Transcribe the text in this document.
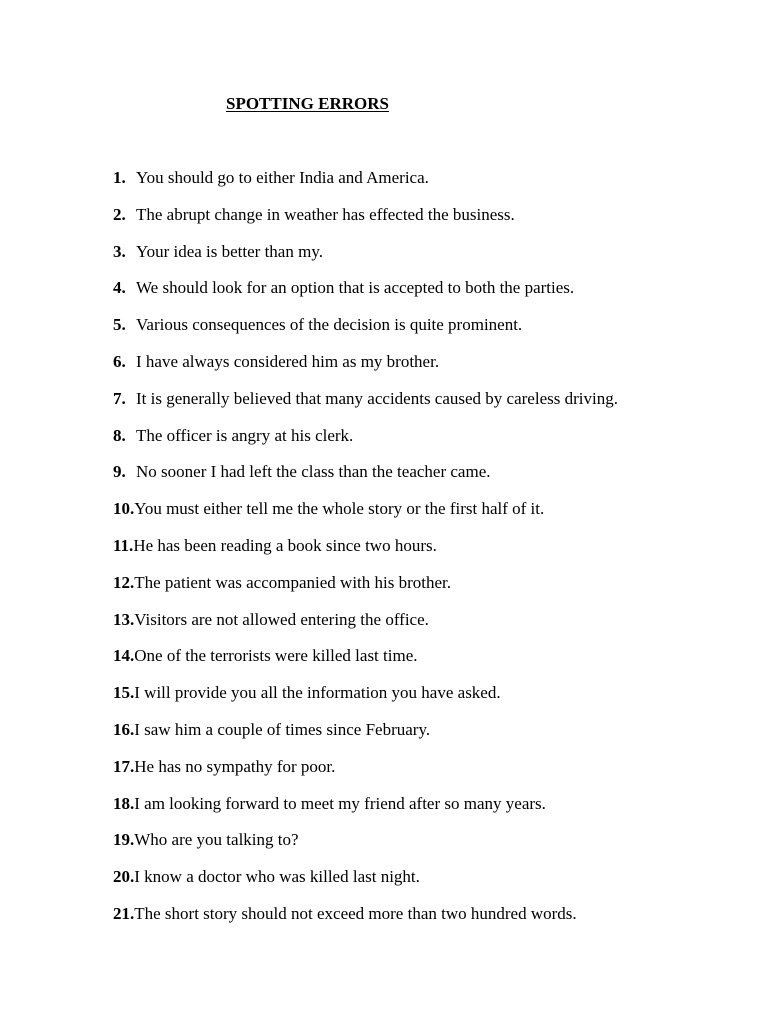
SPOTTING ERRORS
1. You should go to either India and America.
2. The abrupt change in weather has effected the business.
3. Your idea is better than my.
4. We should look for an option that is accepted to both the parties.
5. Various consequences of the decision is quite prominent.
6. I have always considered him as my brother.
7. It is generally believed that many accidents caused by careless driving.
8. The officer is angry at his clerk.
9. No sooner I had left the class than the teacher came.
10. You must either tell me the whole story or the first half of it.
11. He has been reading a book since two hours.
12. The patient was accompanied with his brother.
13. Visitors are not allowed entering the office.
14. One of the terrorists were killed last time.
15. I will provide you all the information you have asked.
16. I saw him a couple of times since February.
17. He has no sympathy for poor.
18. I am looking forward to meet my friend after so many years.
19. Who are you talking to?
20. I know a doctor who was killed last night.
21. The short story should not exceed more than two hundred words.
